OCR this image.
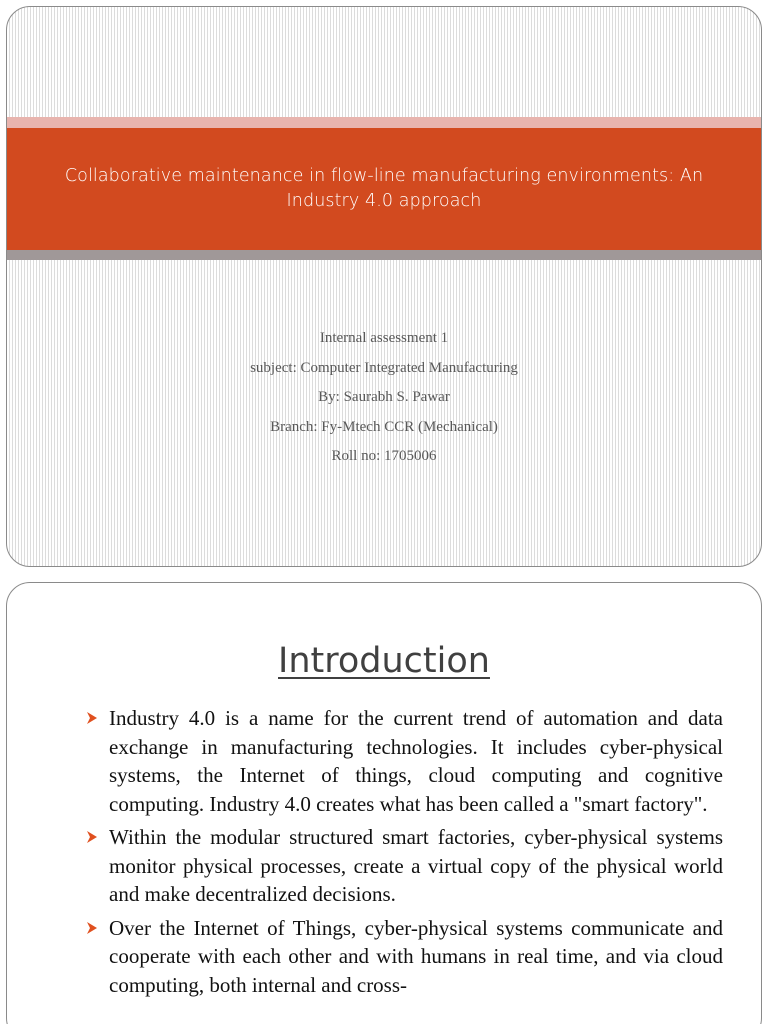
Collaborative maintenance in flow-line manufacturing environments: An Industry 4.0 approach
Internal assessment 1
subject: Computer Integrated Manufacturing
By: Saurabh S. Pawar
Branch: Fy-Mtech CCR (Mechanical)
Roll no: 1705006
Introduction
Industry 4.0 is a name for the current trend of automation and data exchange in manufacturing technologies. It includes cyber-physical systems, the Internet of things, cloud computing and cognitive computing. Industry 4.0 creates what has been called a "smart factory".
Within the modular structured smart factories, cyber-physical systems monitor physical processes, create a virtual copy of the physical world and make decentralized decisions.
Over the Internet of Things, cyber-physical systems communicate and cooperate with each other and with humans in real time, and via cloud computing, both internal and cross-
